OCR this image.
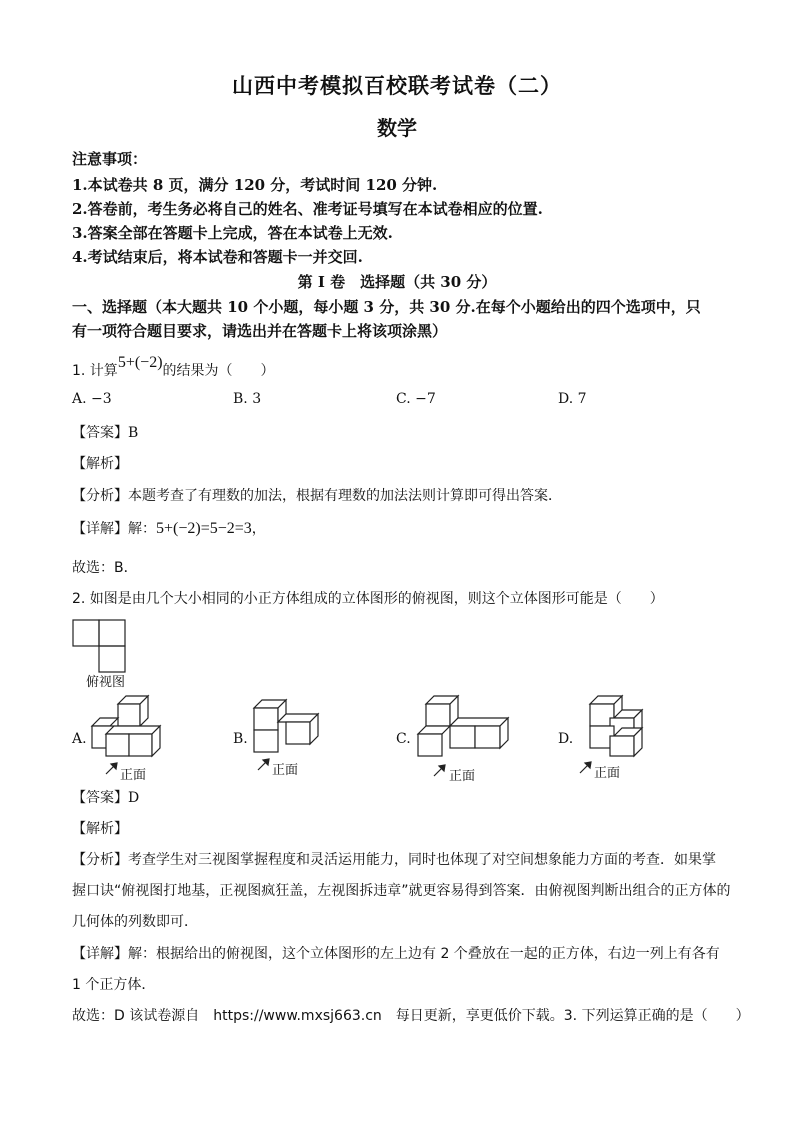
山西中考模拟百校联考试卷（二）
数学
注意事项：
1.本试卷共 8 页，满分 120 分，考试时间 120 分钟.
2.答卷前，考生务必将自己的姓名、准考证号填写在本试卷相应的位置.
3.答案全部在答题卡上完成，答在本试卷上无效.
4.考试结束后，将本试卷和答题卡一并交回.
第 I 卷　选择题（共 30 分）
一、选择题（本大题共 10 个小题，每小题 3 分，共 30 分.在每个小题给出的四个选项中，只
有一项符合题目要求，请选出并在答题卡上将该项涂黑）
1. 计算5+(−2)的结果为（　　）
A. −3	B. 3	C. −7	D. 7
【答案】B
【解析】
【分析】本题考查了有理数的加法，根据有理数的加法法则计算即可得出答案．
【详解】解：5+(−2)=5−2=3，
故选：B．
2. 如图是由几个大小相同的小正方体组成的立体图形的俯视图，则这个立体图形可能是（　　）
俯视图
A.
正面
B.
正面
C.
正面
D.
正面
【答案】D
【解析】
【分析】考查学生对三视图掌握程度和灵活运用能力，同时也体现了对空间想象能力方面的考查．如果掌
握口诀“俯视图打地基，正视图疯狂盖，左视图拆违章”就更容易得到答案．由俯视图判断出组合的正方体的
几何体的列数即可．
【详解】解：根据给出的俯视图，这个立体图形的左上边有 2 个叠放在一起的正方体，右边一列上有各有
1 个正方体．
故选：D 该试卷源自　https://www.mxsj663.cn　每日更新，享更低价下载。3. 下列运算正确的是（　　）
